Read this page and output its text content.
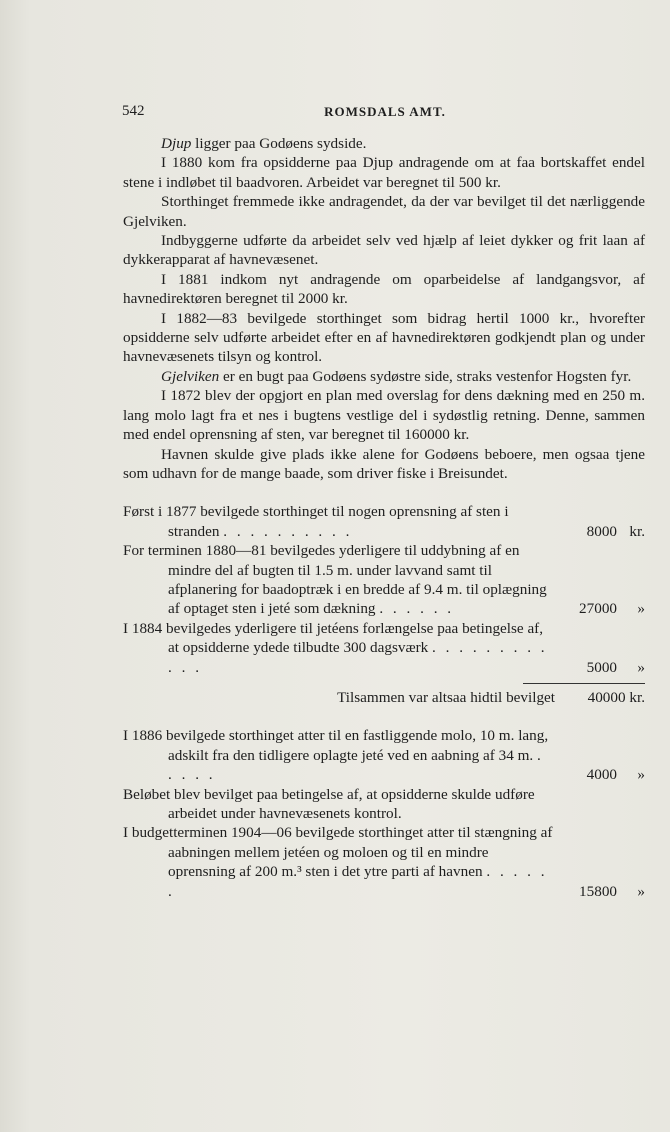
542	ROMSDALS AMT.

Djup ligger paa Godøens sydside.

I 1880 kom fra opsidderne paa Djup andragende om at faa bortskaffet endel stene i indløbet til baadvoren. Arbeidet var beregnet til 500 kr.

Storthinget fremmede ikke andragendet, da der var bevilget til det nærliggende Gjelviken.

Indbyggerne udførte da arbeidet selv ved hjælp af leiet dykker og frit laan af dykkerapparat af havnevæsenet.

I 1881 indkom nyt andragende om oparbeidelse af landgangsvor, af havnedirektøren beregnet til 2000 kr.

I 1882—83 bevilgede storthinget som bidrag hertil 1000 kr., hvorefter opsidderne selv udførte arbeidet efter en af havnedirektøren godkjendt plan og under havnevæsenets tilsyn og kontrol.

Gjelviken er en bugt paa Godøens sydøstre side, straks vestenfor Hogsten fyr.

I 1872 blev der opgjort en plan med overslag for dens dækning med en 250 m. lang molo lagt fra et nes i bugtens vestlige del i sydøstlig retning. Denne, sammen med endel oprensning af sten, var beregnet til 160000 kr.

Havnen skulde give plads ikke alene for Godøens beboere, men ogsaa tjene som udhavn for de mange baade, som driver fiske i Breisundet.

Først i 1877 bevilgede storthinget til nogen oprensning af sten i stranden . . . . . . . . . .	8000 kr.

For terminen 1880—81 bevilgedes yderligere til uddybning af en mindre del af bugten til 1.5 m. under lavvand samt til afplanering for baadoptræk i en bredde af 9.4 m. til oplægning af optaget sten i jeté som dækning . . . . . .	27000 »

I 1884 bevilgedes yderligere til jetéens forlængelse paa betingelse af, at opsidderne ydede tilbudte 300 dagsværk . . . . . . . . . . . .	5000 »

Tilsammen var altsaa hidtil bevilget 40000 kr.

I 1886 bevilgede storthinget atter til en fastliggende molo, 10 m. lang, adskilt fra den tidligere oplagte jeté ved en aabning af 34 m. . . . . .	4000 »

Beløbet blev bevilget paa betingelse af, at opsidderne skulde udføre arbeidet under havnevæsenets kontrol.

I budgetterminen 1904—06 bevilgede storthinget atter til stængning af aabningen mellem jetéen og moloen og til en mindre oprensning af 200 m.³ sten i det ytre parti af havnen . . . . . .	15800 »
